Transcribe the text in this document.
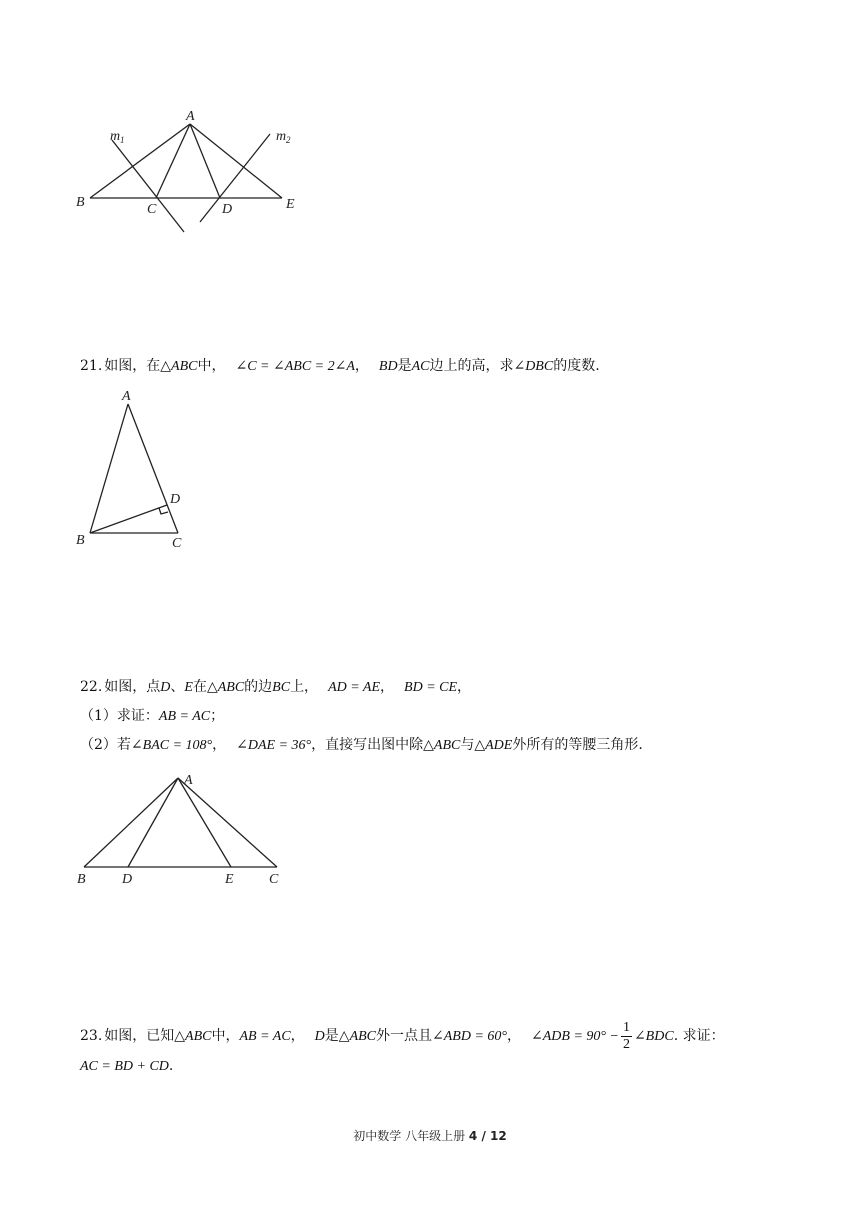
A
B	C	D	E
m 1	m 2
21. 如图，在△ABC中， ∠C = ∠ABC = 2∠A， BD是AC边上的高，求∠DBC的度数.
A
B	C
D
22. 如图，点D、E在△ABC的边BC上， AD = AE， BD = CE，
（1）求证：AB = AC；
（2）若∠BAC = 108°， ∠DAE = 36°，直接写出图中除△ABC与△ADE外所有的等腰三角形.
A
B	D	E	C
23. 如图，已知△ABC中，AB = AC， D是△ABC外一点且∠ABD = 60°， ∠ADB = $90^\circ - \frac{1}{2}$ ∠BDC. 求证：
AC = BD + CD.
初中数学 八年级上册 4 / 12
